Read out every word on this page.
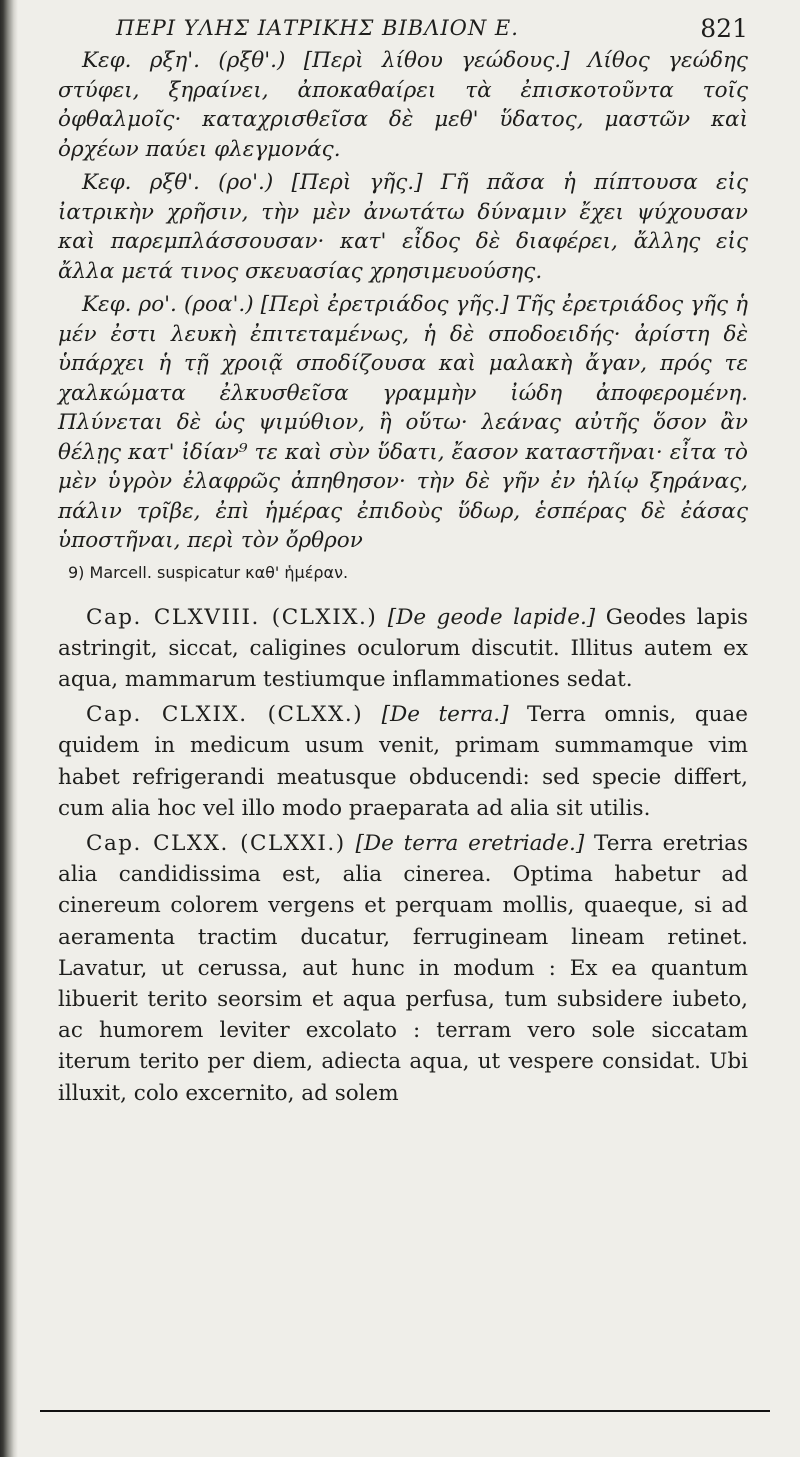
ΠΕΡΙ ΥΛΗΣ ΙΑΤΡΙΚΗΣ ΒΙΒΛΙΟΝ Ε.	821

Κεφ. ρξη'. (ρξθ'.) [Περὶ λίθου γεώδους.] Λίθος γεώδης στύφει, ξηραίνει, ἀποκαθαίρει τὰ ἐπισκοτοῦντα τοῖς ὀφθαλμοῖς· καταχρισθεῖσα δὲ μεθ' ὕδατος, μαστῶν καὶ ὀρχέων παύει φλεγμονάς.

Κεφ. ρξθ'. (ρο'.) [Περὶ γῆς.] Γῆ πᾶσα ἡ πίπτουσα εἰς ἰατρικὴν χρῆσιν, τὴν μὲν ἀνωτάτω δύναμιν ἔχει ψύχουσαν καὶ παρεμπλάσσουσαν· κατ' εἶδος δὲ διαφέρει, ἄλλης εἰς ἄλλα μετά τινος σκευασίας χρησιμευούσης.

Κεφ. ρο'. (ροα'.) [Περὶ ἐρετριάδος γῆς.] Τῆς ἐρετριάδος γῆς ἡ μέν ἐστι λευκὴ ἐπιτεταμένως, ἡ δὲ σποδοειδής· ἀρίστη δὲ ὑπάρχει ἡ τῇ χροιᾷ σποδίζουσα καὶ μαλακὴ ἄγαν, πρός τε χαλκώματα ἐλκυσθεῖσα γραμμὴν ἰώδη ἀποφερομένη. Πλύνεται δὲ ὡς ψιμύθιον, ἢ οὕτω· λεάνας αὐτῆς ὅσον ἂν θέλῃς κατ' ἰδίαν⁹ τε καὶ σὺν ὕδατι, ἔασον καταστῆναι· εἶτα τὸ μὲν ὑγρὸν ἐλαφρῶς ἀπηθησον· τὴν δὲ γῆν ἐν ἡλίῳ ξηράνας, πάλιν τρῖβε, ἐπὶ ἡμέρας ἐπιδοὺς ὕδωρ, ἑσπέρας δὲ ἐάσας ὑποστῆναι, περὶ τὸν ὄρθρον

9) Marcell. suspicatur καθ' ἡμέραν.

Cap. CLXVIII. (CLXIX.) [De geode lapide.] Geodes lapis astringit, siccat, caligines oculorum discutit. Illitus autem ex aqua, mammarum testiumque inflammationes sedat.

Cap. CLXIX. (CLXX.) [De terra.] Terra omnis, quae quidem in medicum usum venit, primam summamque vim habet refrigerandi meatusque obducendi: sed specie differt, cum alia hoc vel illo modo praeparata ad alia sit utilis.

Cap. CLXX. (CLXXI.) [De terra eretriade.] Terra eretrias alia candidissima est, alia cinerea. Optima habetur ad cinereum colorem vergens et perquam mollis, quaeque, si ad aeramenta tractim ducatur, ferrugineam lineam retinet. Lavatur, ut cerussa, aut hunc in modum : Ex ea quantum libuerit terito seorsim et aqua perfusa, tum subsidere iubeto, ac humorem leviter excolato : terram vero sole siccatam iterum terito per diem, adiecta aqua, ut vespere considat. Ubi illuxit, colo excernito, ad solem
